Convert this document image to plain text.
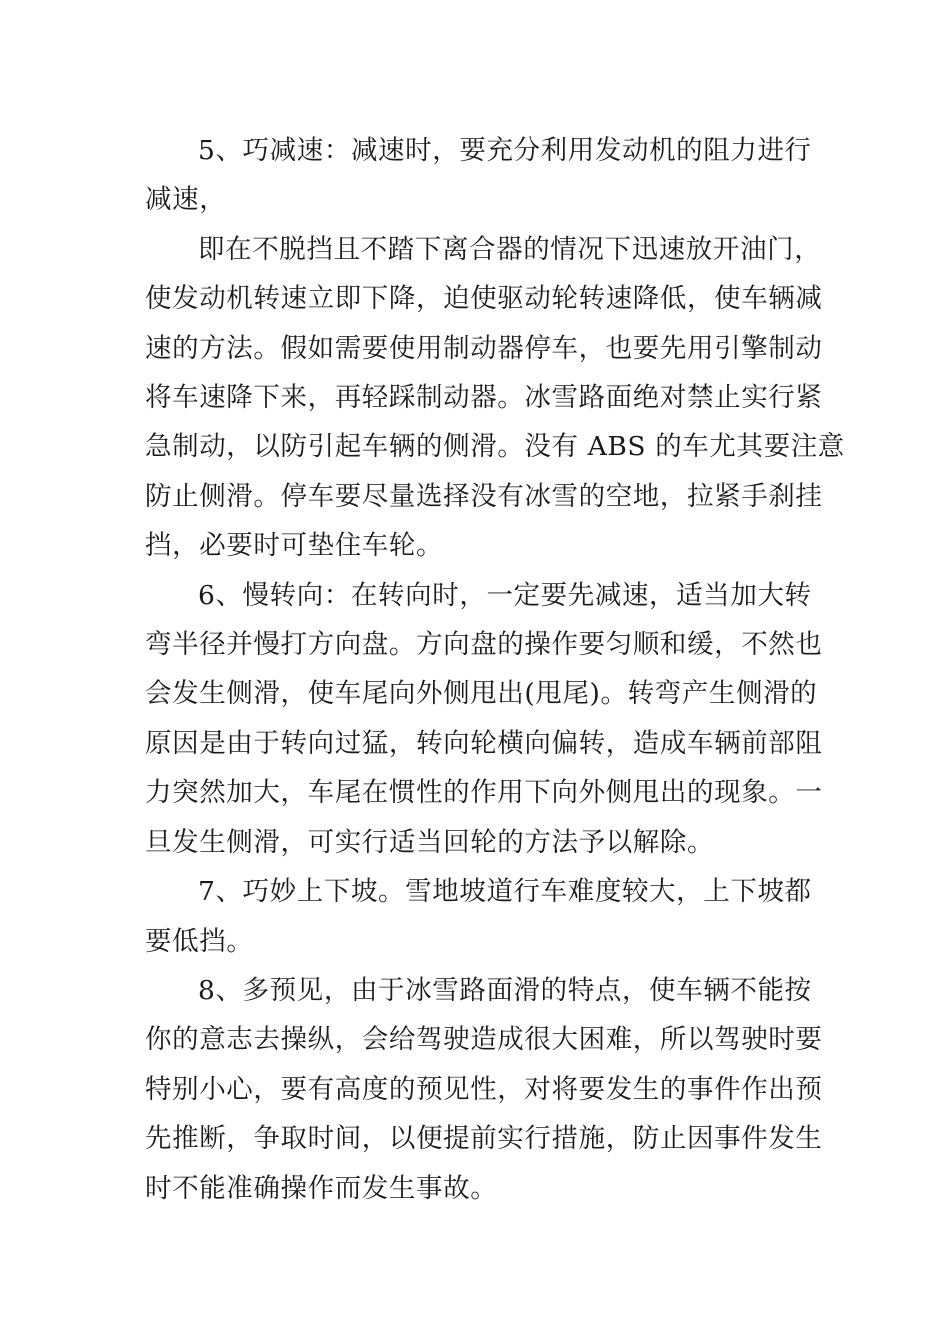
5、巧减速：减速时，要充分利用发动机的阻力进行
减速，

即在不脱挡且不踏下离合器的情况下迅速放开油门，
使发动机转速立即下降，迫使驱动轮转速降低，使车辆减
速的方法。假如需要使用制动器停车，也要先用引擎制动
将车速降下来，再轻踩制动器。冰雪路面绝对禁止实行紧
急制动，以防引起车辆的侧滑。没有 ABS 的车尤其要注意
防止侧滑。停车要尽量选择没有冰雪的空地，拉紧手刹挂
挡，必要时可垫住车轮。

6、慢转向：在转向时，一定要先减速，适当加大转
弯半径并慢打方向盘。方向盘的操作要匀顺和缓，不然也
会发生侧滑，使车尾向外侧甩出(甩尾)。转弯产生侧滑的
原因是由于转向过猛，转向轮横向偏转，造成车辆前部阻
力突然加大，车尾在惯性的作用下向外侧甩出的现象。一
旦发生侧滑，可实行适当回轮的方法予以解除。

7、巧妙上下坡。雪地坡道行车难度较大，上下坡都
要低挡。

8、多预见，由于冰雪路面滑的特点，使车辆不能按
你的意志去操纵，会给驾驶造成很大困难，所以驾驶时要
特别小心，要有高度的预见性，对将要发生的事件作出预
先推断，争取时间，以便提前实行措施，防止因事件发生
时不能准确操作而发生事故。
